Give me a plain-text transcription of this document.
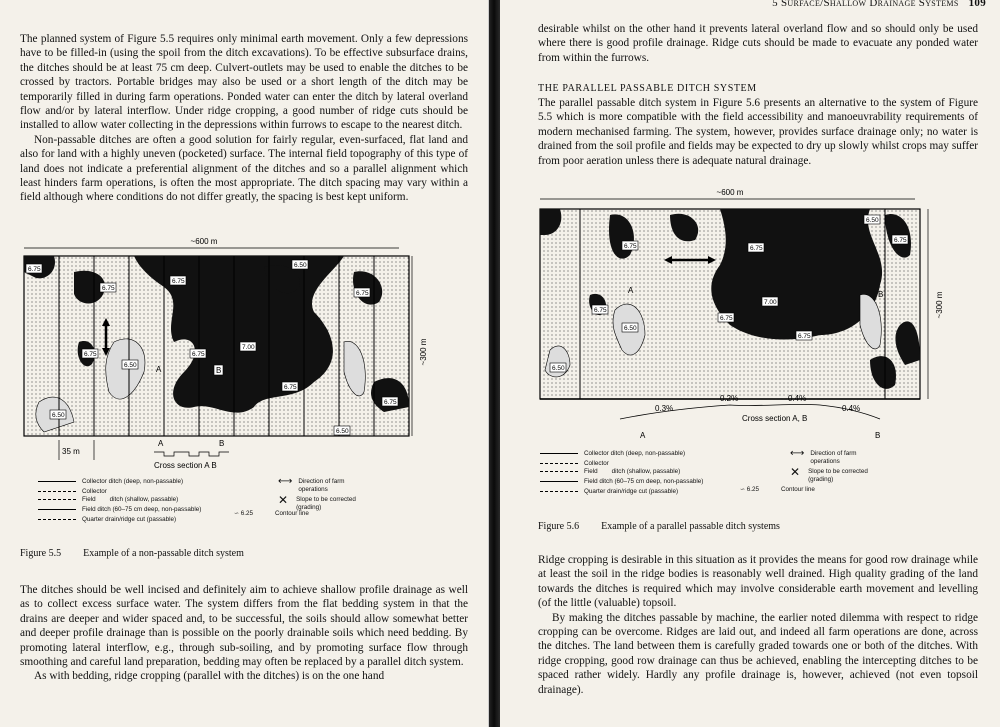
The planned system of Figure 5.5 requires only minimal earth movement. Only a few depressions have to be filled-in (using the spoil from the ditch excavations). To be effective subsurface drains, the ditches should be at least 75 cm deep. Culvert-outlets may be used to enable the ditches to be crossed by tractors. Portable bridges may also be used or a short length of the ditch may be temporarily filled in during farm operations. Ponded water can enter the ditch by lateral overland flow and/or by lateral interflow. Under ridge cropping, a good number of ridge cuts should be installed to allow water collecting in the depressions within furrows to escape to the nearest ditch.

Non-passable ditches are often a good solution for fairly regular, even-surfaced, flat land and also for land with a highly uneven (pocketed) surface. The internal field topography of this type of land does not indicate a preferential alignment of the ditches and so a parallel alignment which least hinders farm operations, is often the most appropriate. The ditch spacing may vary within a field although where conditions do not differ greatly, the spacing is best kept uniform.

~600 m
~300 m
6.75
6.75
6.75
6.50
6.75
7.00
6.75
6.75
6.50
6.75
6.75
6.50
6.50
A	B
35 m
A	B
Cross section A B
Collector ditch (deep, non-passable)
Collector
Field ditch (shallow, passable)
Field ditch (60–75 cm deep, non-passable)
Quarter drain/ridge cut (passable)
⟷ Direction of farm operations
✕ Slope to be corrected (grading)
∽ 6.25	Contour line
Figure 5.5 Example of a non-passable ditch system

The ditches should be well incised and definitely aim to achieve shallow profile drainage as well as to collect excess surface water. The system differs from the flat bedding system in that the drains are deeper and wider spaced and, to be successful, the soils should allow somewhat better and deeper profile drainage than is possible on the poorly drainable soils which need bedding. By promoting lateral interflow, e.g., through sub-soiling, and by promoting surface flow through smoothing and careful land preparation, bedding may often be replaced by a parallel ditch system.

As with bedding, ridge cropping (parallel with the ditches) is on the one hand

5 Surface/Shallow Drainage Systems 109

desirable whilst on the other hand it prevents lateral overland flow and so should only be used where there is good profile drainage. Ridge cuts should be made to evacuate any ponded water from within the furrows.

THE PARALLEL PASSABLE DITCH SYSTEM

The parallel passable ditch system in Figure 5.6 presents an alternative to the system of Figure 5.5 which is more compatible with the field accessibility and manoeuvrability requirements of modern mechanised farming. The system, however, provides surface drainage only; no water is drained from the soil profile and fields may be expected to dry up slowly whilst crops may suffer from poor aeration unless there is adequate natural drainage.

~600 m
~300 m
6.75	6.75
6.50
6.75
7.00
6.75
6.75
6.75
6.50
6.50
A	B
0.3%
0.2%	0.4%
0.4%
Cross section A, B
A	B
Collector ditch (deep, non-passable)
Collector
Field ditch (shallow, passable)
Field ditch (60–75 cm deep, non-passable)
Quarter drain/ridge cut (passable)
⟷ Direction of farm operations
✕ Slope to be corrected (grading)
∽ 6.25	Contour line
Figure 5.6 Example of a parallel passable ditch systems

Ridge cropping is desirable in this situation as it provides the means for good row drainage while at least the soil in the ridge bodies is reasonably well drained. High quality grading of the land towards the ditches is required which may involve considerable earth movement and levelling (of the little (valuable) topsoil.

By making the ditches passable by machine, the earlier noted dilemma with respect to ridge cropping can be overcome. Ridges are laid out, and indeed all farm operations are done, across the ditches. The land between them is carefully graded towards one or both of the ditches. With ridge cropping, good row drainage can thus be achieved, enabling the intercepting ditches to be spaced rather widely. Hardly any profile drainage is, however, achieved (not even topsoil drainage).
